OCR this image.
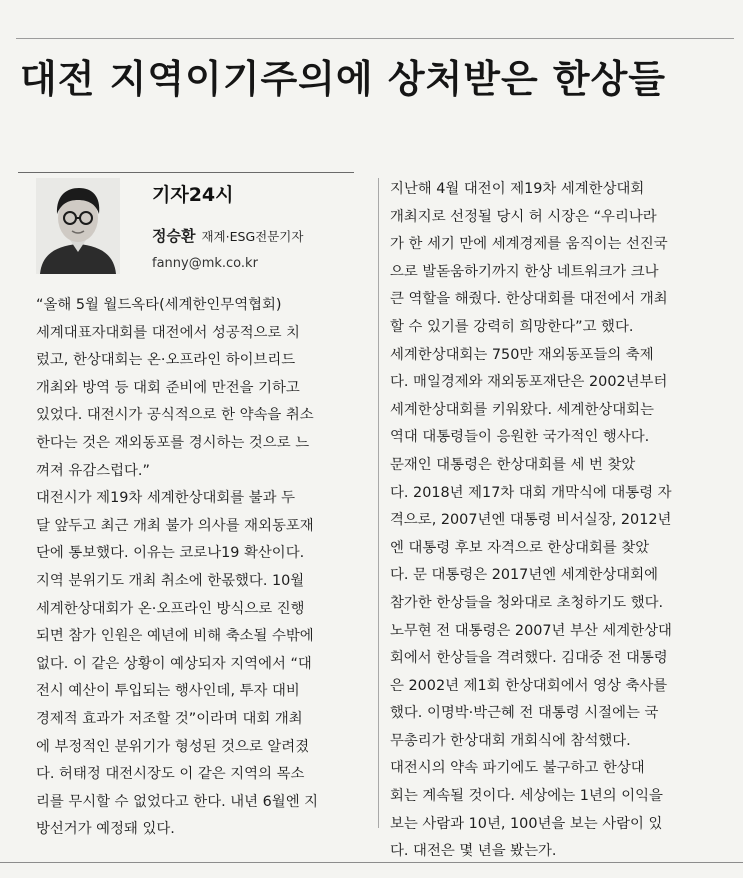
대전 지역이기주의에 상처받은 한상들
기자24시
정승환 재계·ESG전문기자
fanny@mk.co.kr
“올해 5월 월드옥타(세계한인무역협회)
세계대표자대회를 대전에서 성공적으로 치
렀고, 한상대회는 온·오프라인 하이브리드
개최와 방역 등 대회 준비에 만전을 기하고
있었다. 대전시가 공식적으로 한 약속을 취소
한다는 것은 재외동포를 경시하는 것으로 느
껴져 유감스럽다.”
대전시가 제19차 세계한상대회를 불과 두
달 앞두고 최근 개최 불가 의사를 재외동포재
단에 통보했다. 이유는 코로나19 확산이다.
지역 분위기도 개최 취소에 한몫했다. 10월
세계한상대회가 온·오프라인 방식으로 진행
되면 참가 인원은 예년에 비해 축소될 수밖에
없다. 이 같은 상황이 예상되자 지역에서 “대
전시 예산이 투입되는 행사인데, 투자 대비
경제적 효과가 저조할 것”이라며 대회 개최
에 부정적인 분위기가 형성된 것으로 알려졌
다. 허태정 대전시장도 이 같은 지역의 목소
리를 무시할 수 없었다고 한다. 내년 6월엔 지
방선거가 예정돼 있다.
지난해 4월 대전이 제19차 세계한상대회
개최지로 선정될 당시 허 시장은 “우리나라
가 한 세기 만에 세계경제를 움직이는 선진국
으로 발돋움하기까지 한상 네트워크가 크나
큰 역할을 해줬다. 한상대회를 대전에서 개최
할 수 있기를 강력히 희망한다”고 했다.
세계한상대회는 750만 재외동포들의 축제
다. 매일경제와 재외동포재단은 2002년부터
세계한상대회를 키워왔다. 세계한상대회는
역대 대통령들이 응원한 국가적인 행사다.
문재인 대통령은 한상대회를 세 번 찾았
다. 2018년 제17차 대회 개막식에 대통령 자
격으로, 2007년엔 대통령 비서실장, 2012년
엔 대통령 후보 자격으로 한상대회를 찾았
다. 문 대통령은 2017년엔 세계한상대회에
참가한 한상들을 청와대로 초청하기도 했다.
노무현 전 대통령은 2007년 부산 세계한상대
회에서 한상들을 격려했다. 김대중 전 대통령
은 2002년 제1회 한상대회에서 영상 축사를
했다. 이명박·박근혜 전 대통령 시절에는 국
무총리가 한상대회 개회식에 참석했다.
대전시의 약속 파기에도 불구하고 한상대
회는 계속될 것이다. 세상에는 1년의 이익을
보는 사람과 10년, 100년을 보는 사람이 있
다. 대전은 몇 년을 봤는가.
